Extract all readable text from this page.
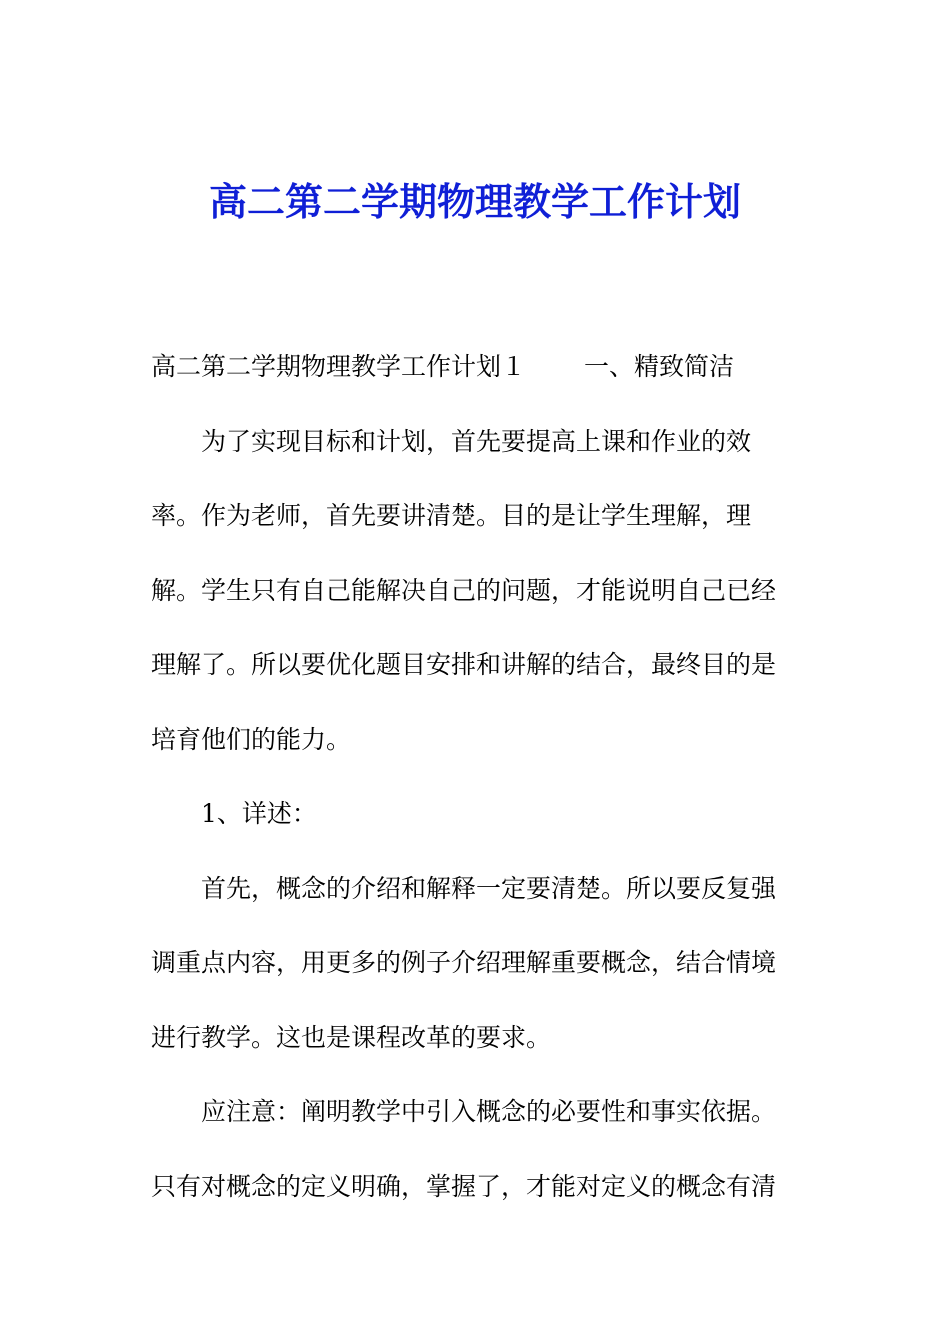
高二第二学期物理教学工作计划
高二第二学期物理教学工作计划１ 一、精致简洁
为了实现目标和计划，首先要提高上课和作业的效
率。作为老师，首先要讲清楚。目的是让学生理解，理
解。学生只有自己能解决自己的问题，才能说明自己已经
理解了。所以要优化题目安排和讲解的结合，最终目的是
培育他们的能力。
1、详述：
首先，概念的介绍和解释一定要清楚。所以要反复强
调重点内容，用更多的例子介绍理解重要概念，结合情境
进行教学。这也是课程改革的要求。
应注意：阐明教学中引入概念的必要性和事实依据。
只有对概念的定义明确，掌握了，才能对定义的概念有清
